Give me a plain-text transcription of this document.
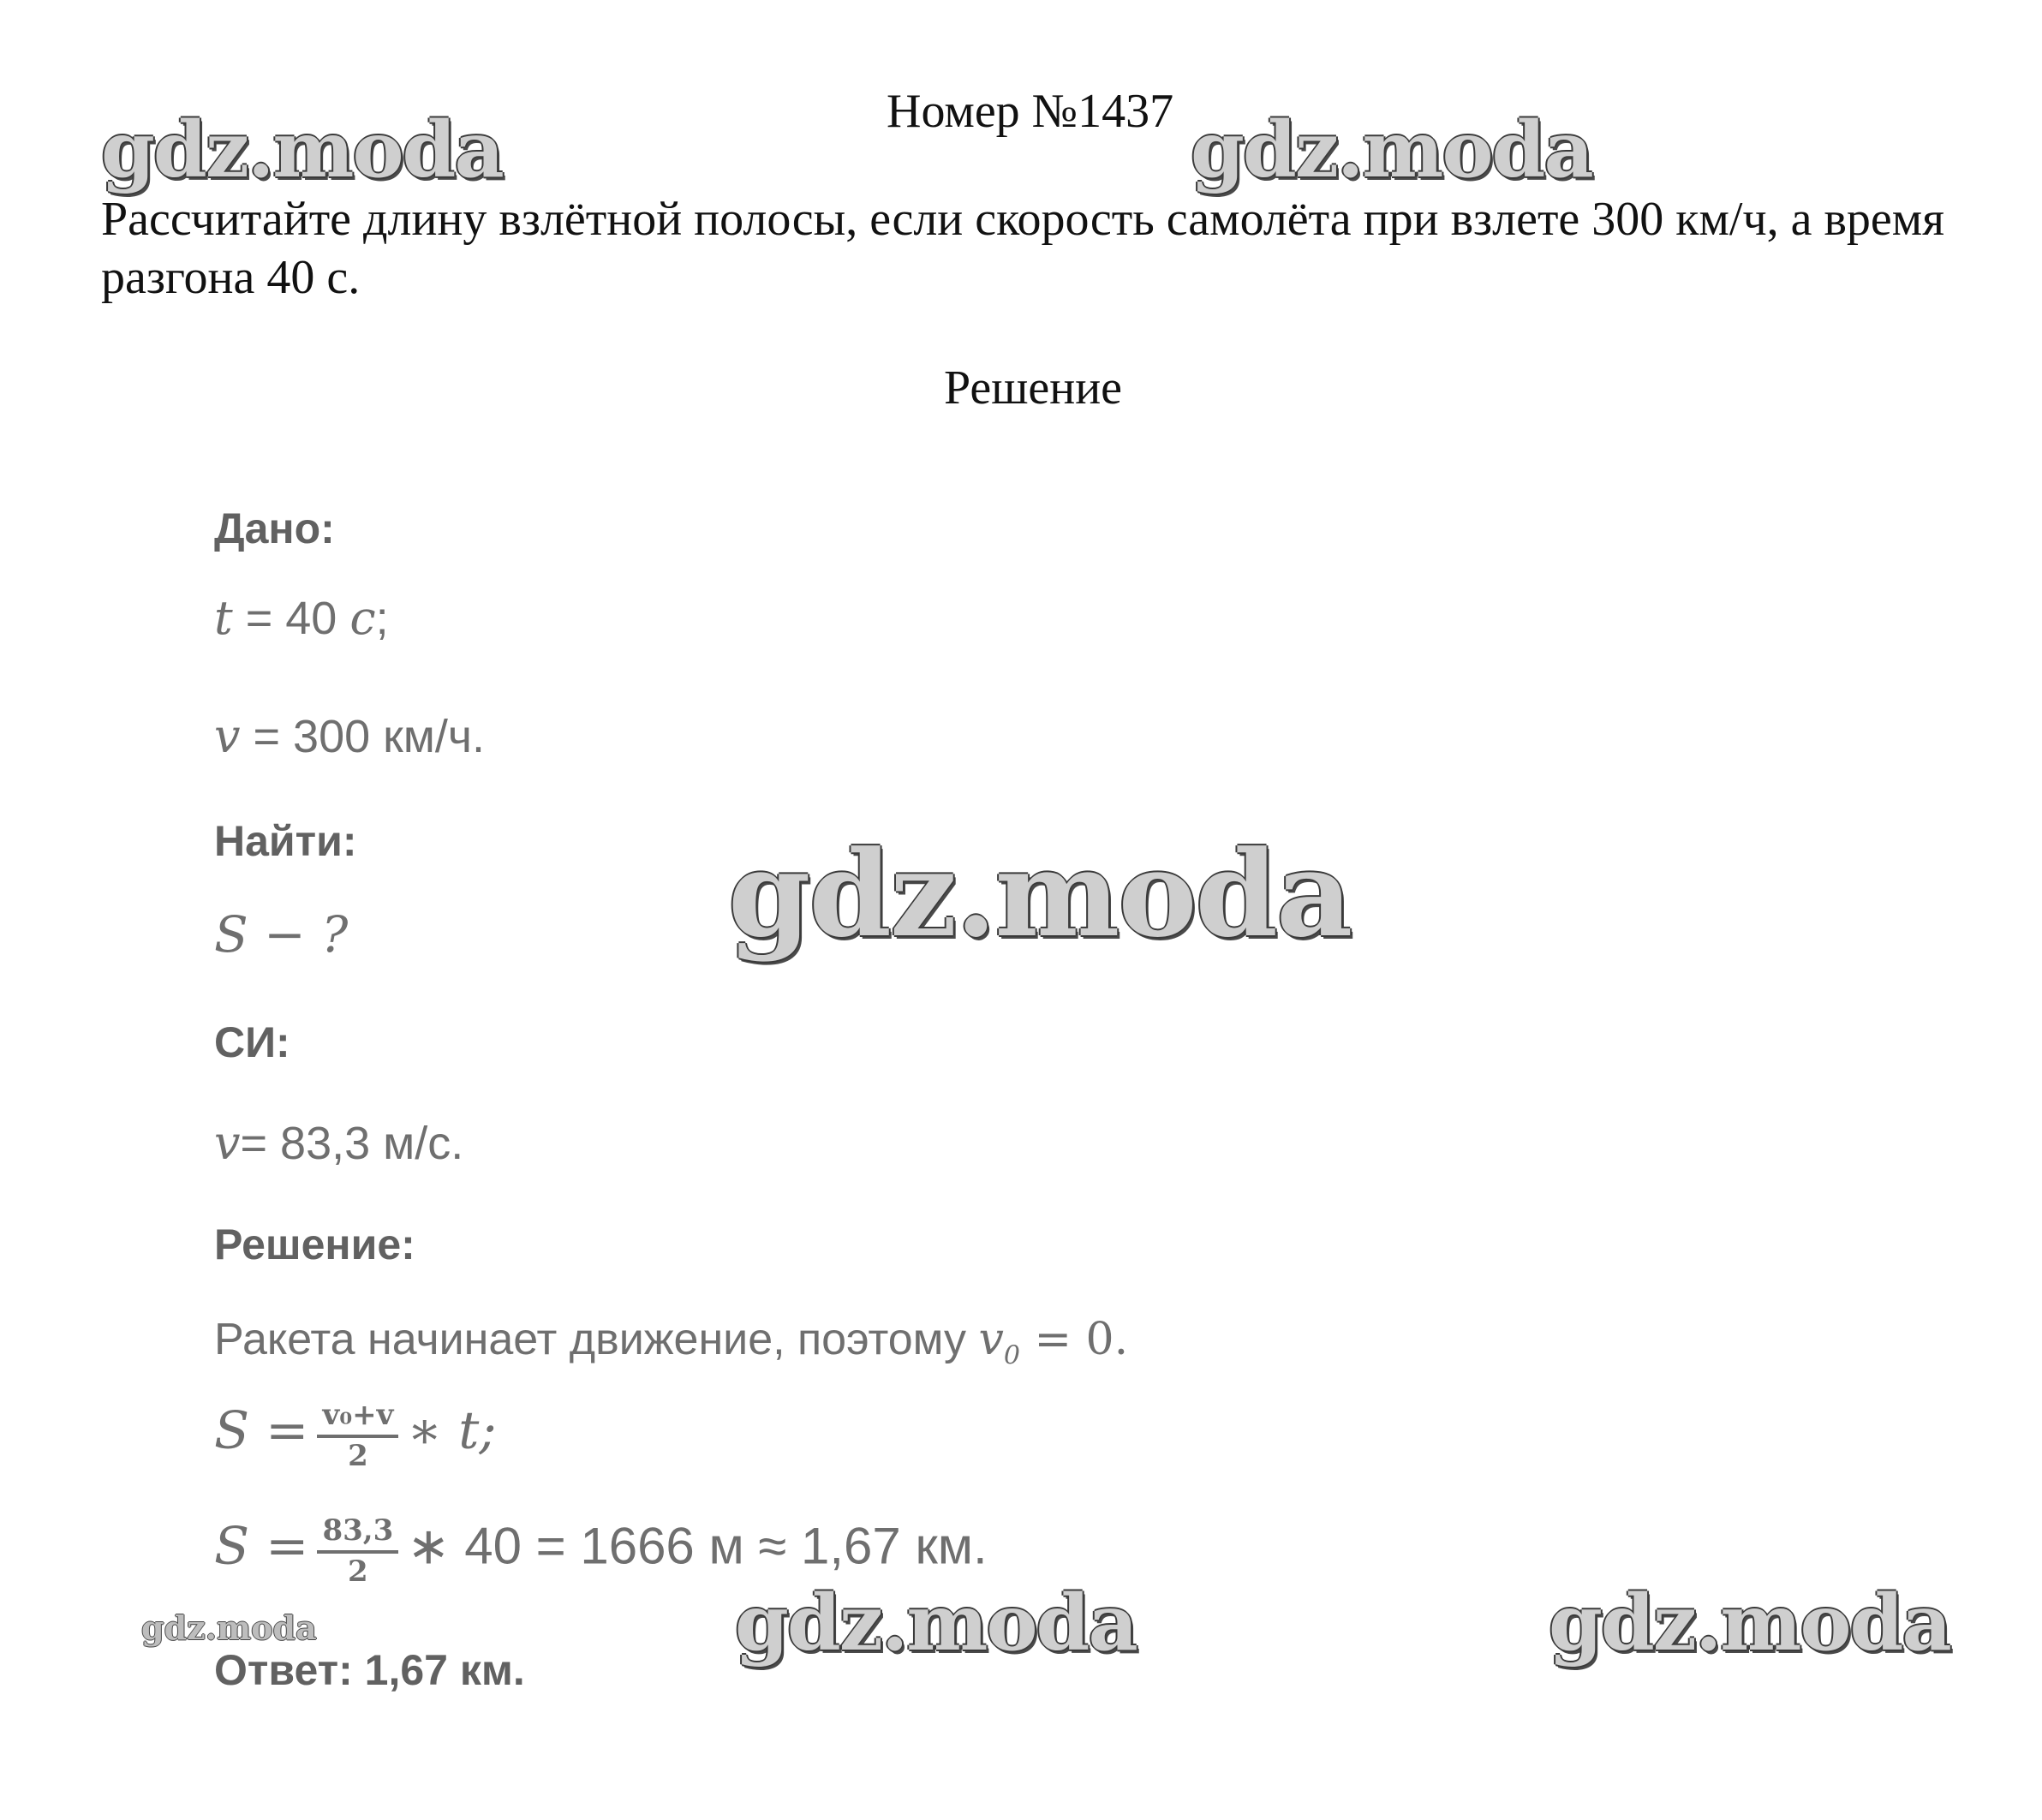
Номер №1437
Рассчитайте длину взлётной полосы, если скорость самолёта при взлете 300 км/ч, а время разгона 40 с.
Решение
Дано:
t = 40 с;
v = 300 км/ч.
Найти:
S − ?
СИ:
v= 83,3 м/с.
Решение:
Ракета начинает движение, поэтому $v_0 = 0$.
$S = \frac{\text{v₀+v}}{2}$ ∗ t;
$S = \frac{83,3}{2}$ ∗ 40 = 1666 м ≈ 1,67 км.
Ответ: 1,67 км.
gdz.moda	gdz.moda
gdz.moda
gdz.moda	gdz.moda	gdz.moda
